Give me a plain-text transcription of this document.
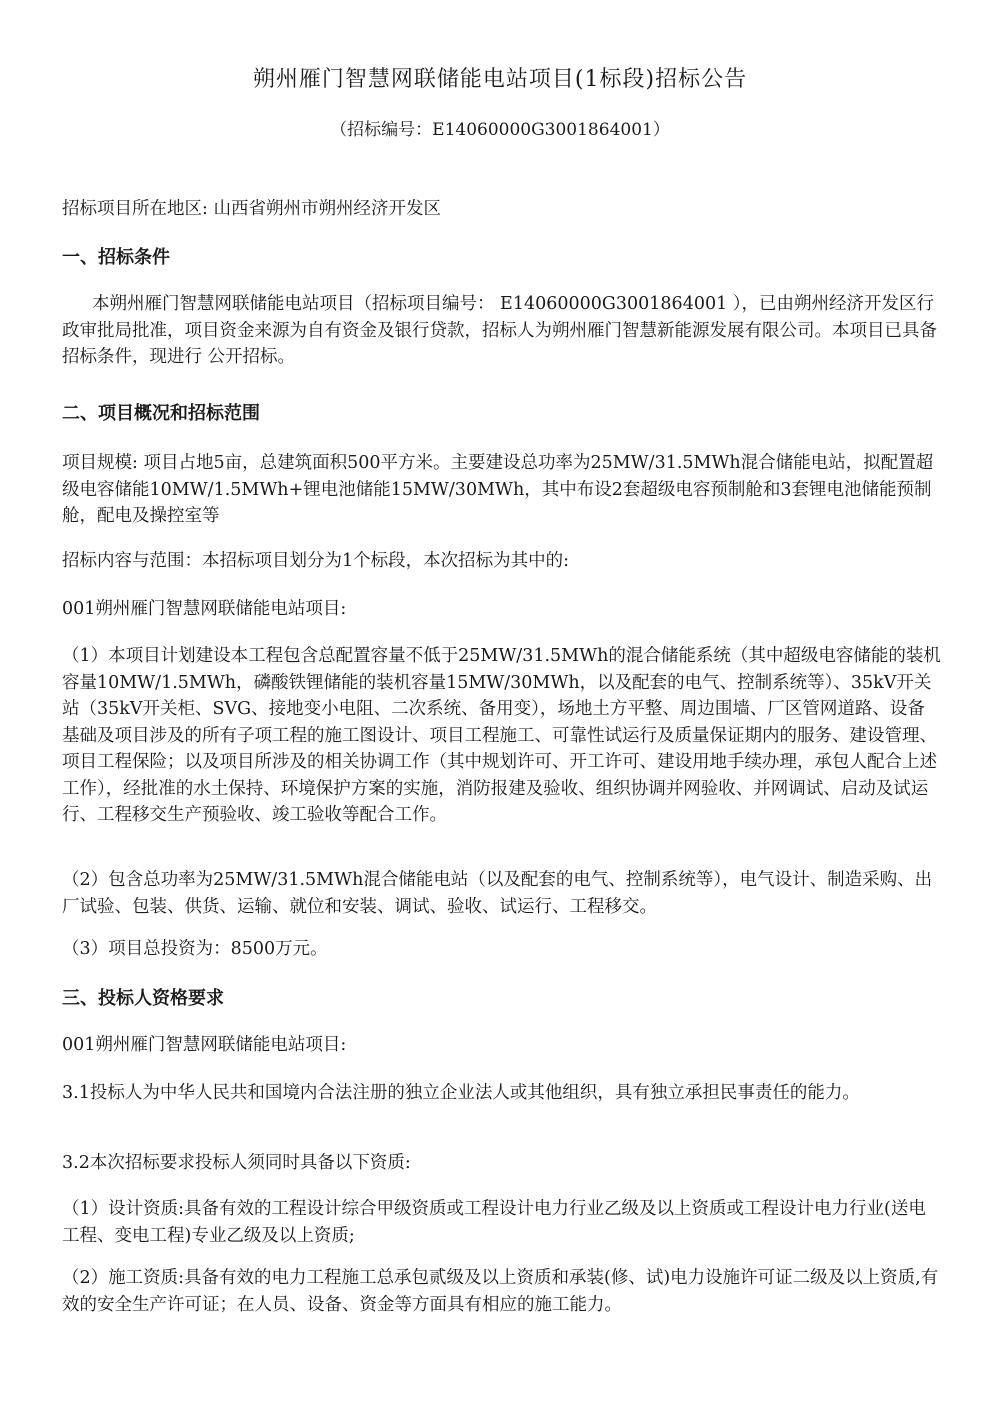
朔州雁门智慧网联储能电站项目(1标段)招标公告
（招标编号：E14060000G3001864001）

招标项目所在地区: 山西省朔州市朔州经济开发区

一、招标条件

本朔州雁门智慧网联储能电站项目（招标项目编号： E14060000G3001864001 ），已由朔州经济开发区行政审批局批准，项目资金来源为自有资金及银行贷款，招标人为朔州雁门智慧新能源发展有限公司。本项目已具备招标条件，现进行 公开招标。

二、项目概况和招标范围

项目规模: 项目占地5亩，总建筑面积500平方米。主要建设总功率为25MW/31.5MWh混合储能电站，拟配置超级电容储能10MW/1.5MWh+锂电池储能15MW/30MWh，其中布设2套超级电容预制舱和3套锂电池储能预制舱，配电及操控室等

招标内容与范围：本招标项目划分为1个标段，本次招标为其中的:

001朔州雁门智慧网联储能电站项目:

（1）本项目计划建设本工程包含总配置容量不低于25MW/31.5MWh的混合储能系统（其中超级电容储能的装机容量10MW/1.5MWh，磷酸铁锂储能的装机容量15MW/30MWh，以及配套的电气、控制系统等）、35kV开关站（35kV开关柜、SVG、接地变小电阻、二次系统、备用变），场地土方平整、周边围墙、厂区管网道路、设备基础及项目涉及的所有子项工程的施工图设计、项目工程施工、可靠性试运行及质量保证期内的服务、建设管理、项目工程保险；以及项目所涉及的相关协调工作（其中规划许可、开工许可、建设用地手续办理，承包人配合上述工作），经批准的水土保持、环境保护方案的实施，消防报建及验收、组织协调并网验收、并网调试、启动及试运行、工程移交生产预验收、竣工验收等配合工作。

（2）包含总功率为25MW/31.5MWh混合储能电站（以及配套的电气、控制系统等），电气设计、制造采购、出厂试验、包装、供货、运输、就位和安装、调试、验收、试运行、工程移交。

（3）项目总投资为：8500万元。

三、投标人资格要求

001朔州雁门智慧网联储能电站项目:

3.1投标人为中华人民共和国境内合法注册的独立企业法人或其他组织，具有独立承担民事责任的能力。

3.2本次招标要求投标人须同时具备以下资质:

（1）设计资质:具备有效的工程设计综合甲级资质或工程设计电力行业乙级及以上资质或工程设计电力行业(送电工程、变电工程)专业乙级及以上资质;

（2）施工资质:具备有效的电力工程施工总承包贰级及以上资质和承装(修、试)电力设施许可证二级及以上资质,有效的安全生产许可证；在人员、设备、资金等方面具有相应的施工能力。
